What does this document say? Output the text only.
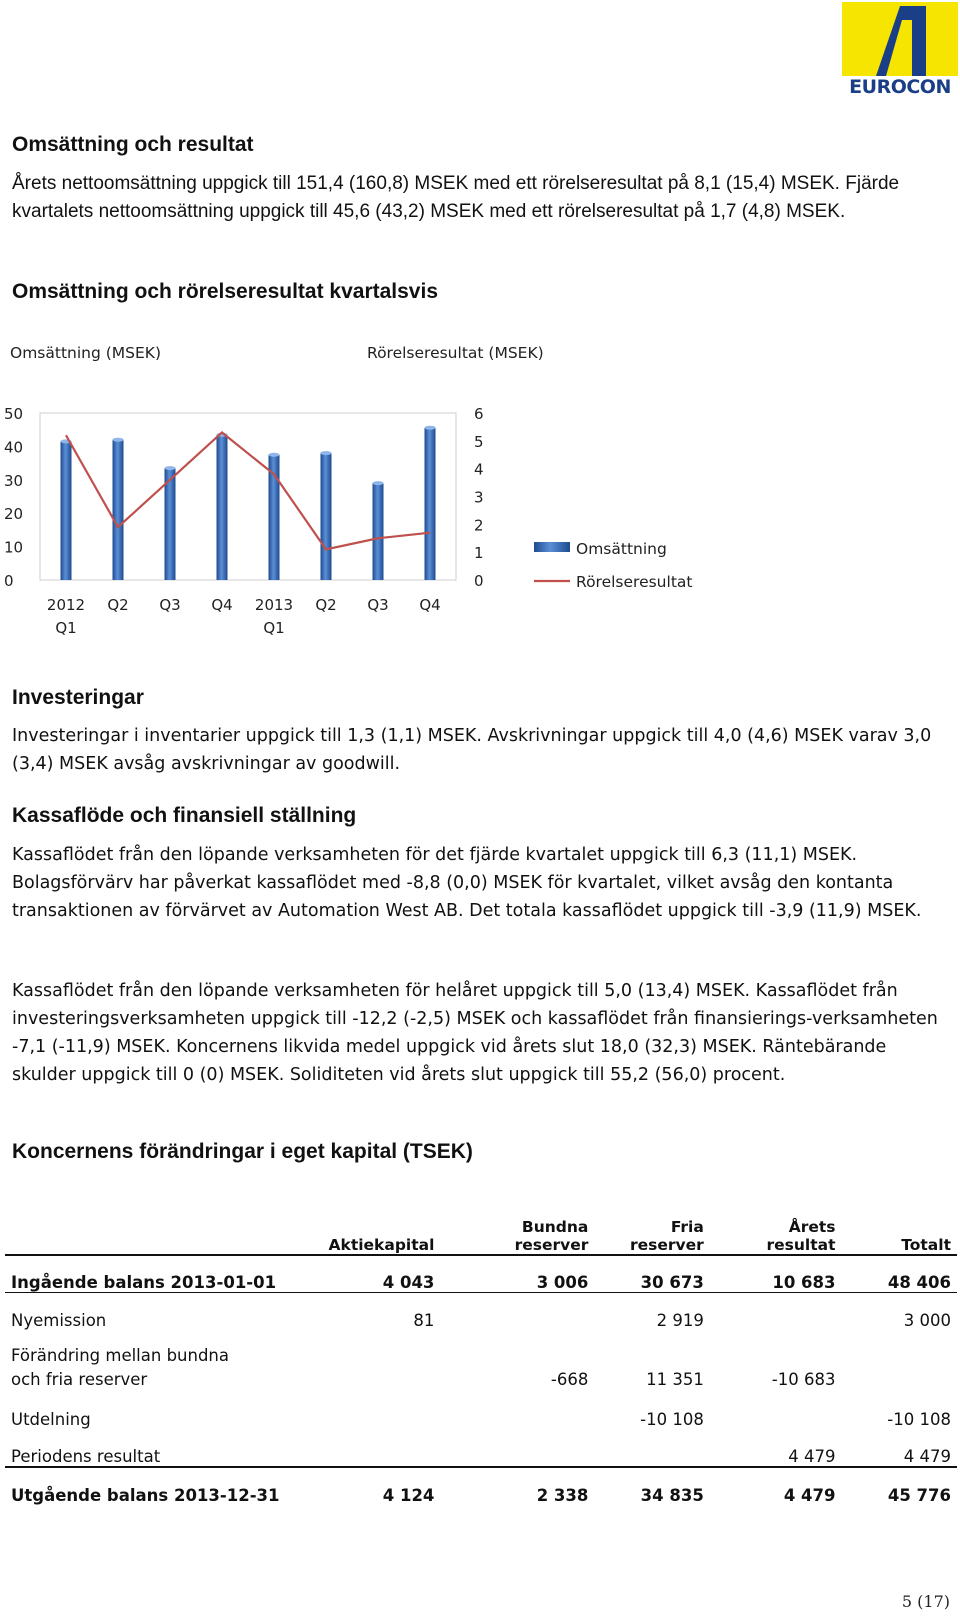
EUROCON
Omsättning och resultat

Årets nettoomsättning uppgick till 151,4 (160,8) MSEK med ett rörelseresultat på 8,1 (15,4) MSEK. Fjärde kvartalets nettoomsättning uppgick till 45,6 (43,2) MSEK med ett rörelseresultat på 1,7 (4,8) MSEK.

Omsättning och rörelseresultat kvartalsvis
Omsättning (MSEK)	Rörelseresultat (MSEK)
0
10
20
30
40
50
0
1
2
3
4
5
6
2012
Q1
Q2 Q3 Q4 2013
Q1
Q2 Q3 Q4
Omsättning
Rörelseresultat
Investeringar

Investeringar i inventarier uppgick till 1,3 (1,1) MSEK. Avskrivningar uppgick till 4,0 (4,6) MSEK varav 3,0 (3,4) MSEK avsåg avskrivningar av goodwill.

Kassaflöde och finansiell ställning

Kassaflödet från den löpande verksamheten för det fjärde kvartalet uppgick till 6,3 (11,1) MSEK. Bolagsförvärv har påverkat kassaflödet med -8,8 (0,0) MSEK för kvartalet, vilket avsåg den kontanta transaktionen av förvärvet av Automation West AB. Det totala kassaflödet uppgick till -3,9 (11,9) MSEK.

Kassaflödet från den löpande verksamheten för helåret uppgick till 5,0 (13,4) MSEK. Kassaflödet från investeringsverksamheten uppgick till -12,2 (-2,5) MSEK och kassaflödet från finansierings-verksamheten -7,1 (-11,9) MSEK. Koncernens likvida medel uppgick vid årets slut 18,0 (32,3) MSEK. Räntebärande skulder uppgick till 0 (0) MSEK. Soliditeten vid årets slut uppgick till 55,2 (56,0) procent.

Koncernens förändringar i eget kapital (TSEK)
	Aktiekapital	Bundna reserver	Fria reserver	Årets resultat	Totalt
Ingående balans 2013-01-01	4 043	3 006	30 673	10 683	48 406
Nyemission	81		2 919		3 000
Förändring mellan bundna
och fria reserver		-668	11 351	-10 683	
Utdelning			-10 108		-10 108
Periodens resultat				4 479	4 479
Utgående balans 2013-12-31	4 124	2 338	34 835	4 479	45 776
5 (17)
